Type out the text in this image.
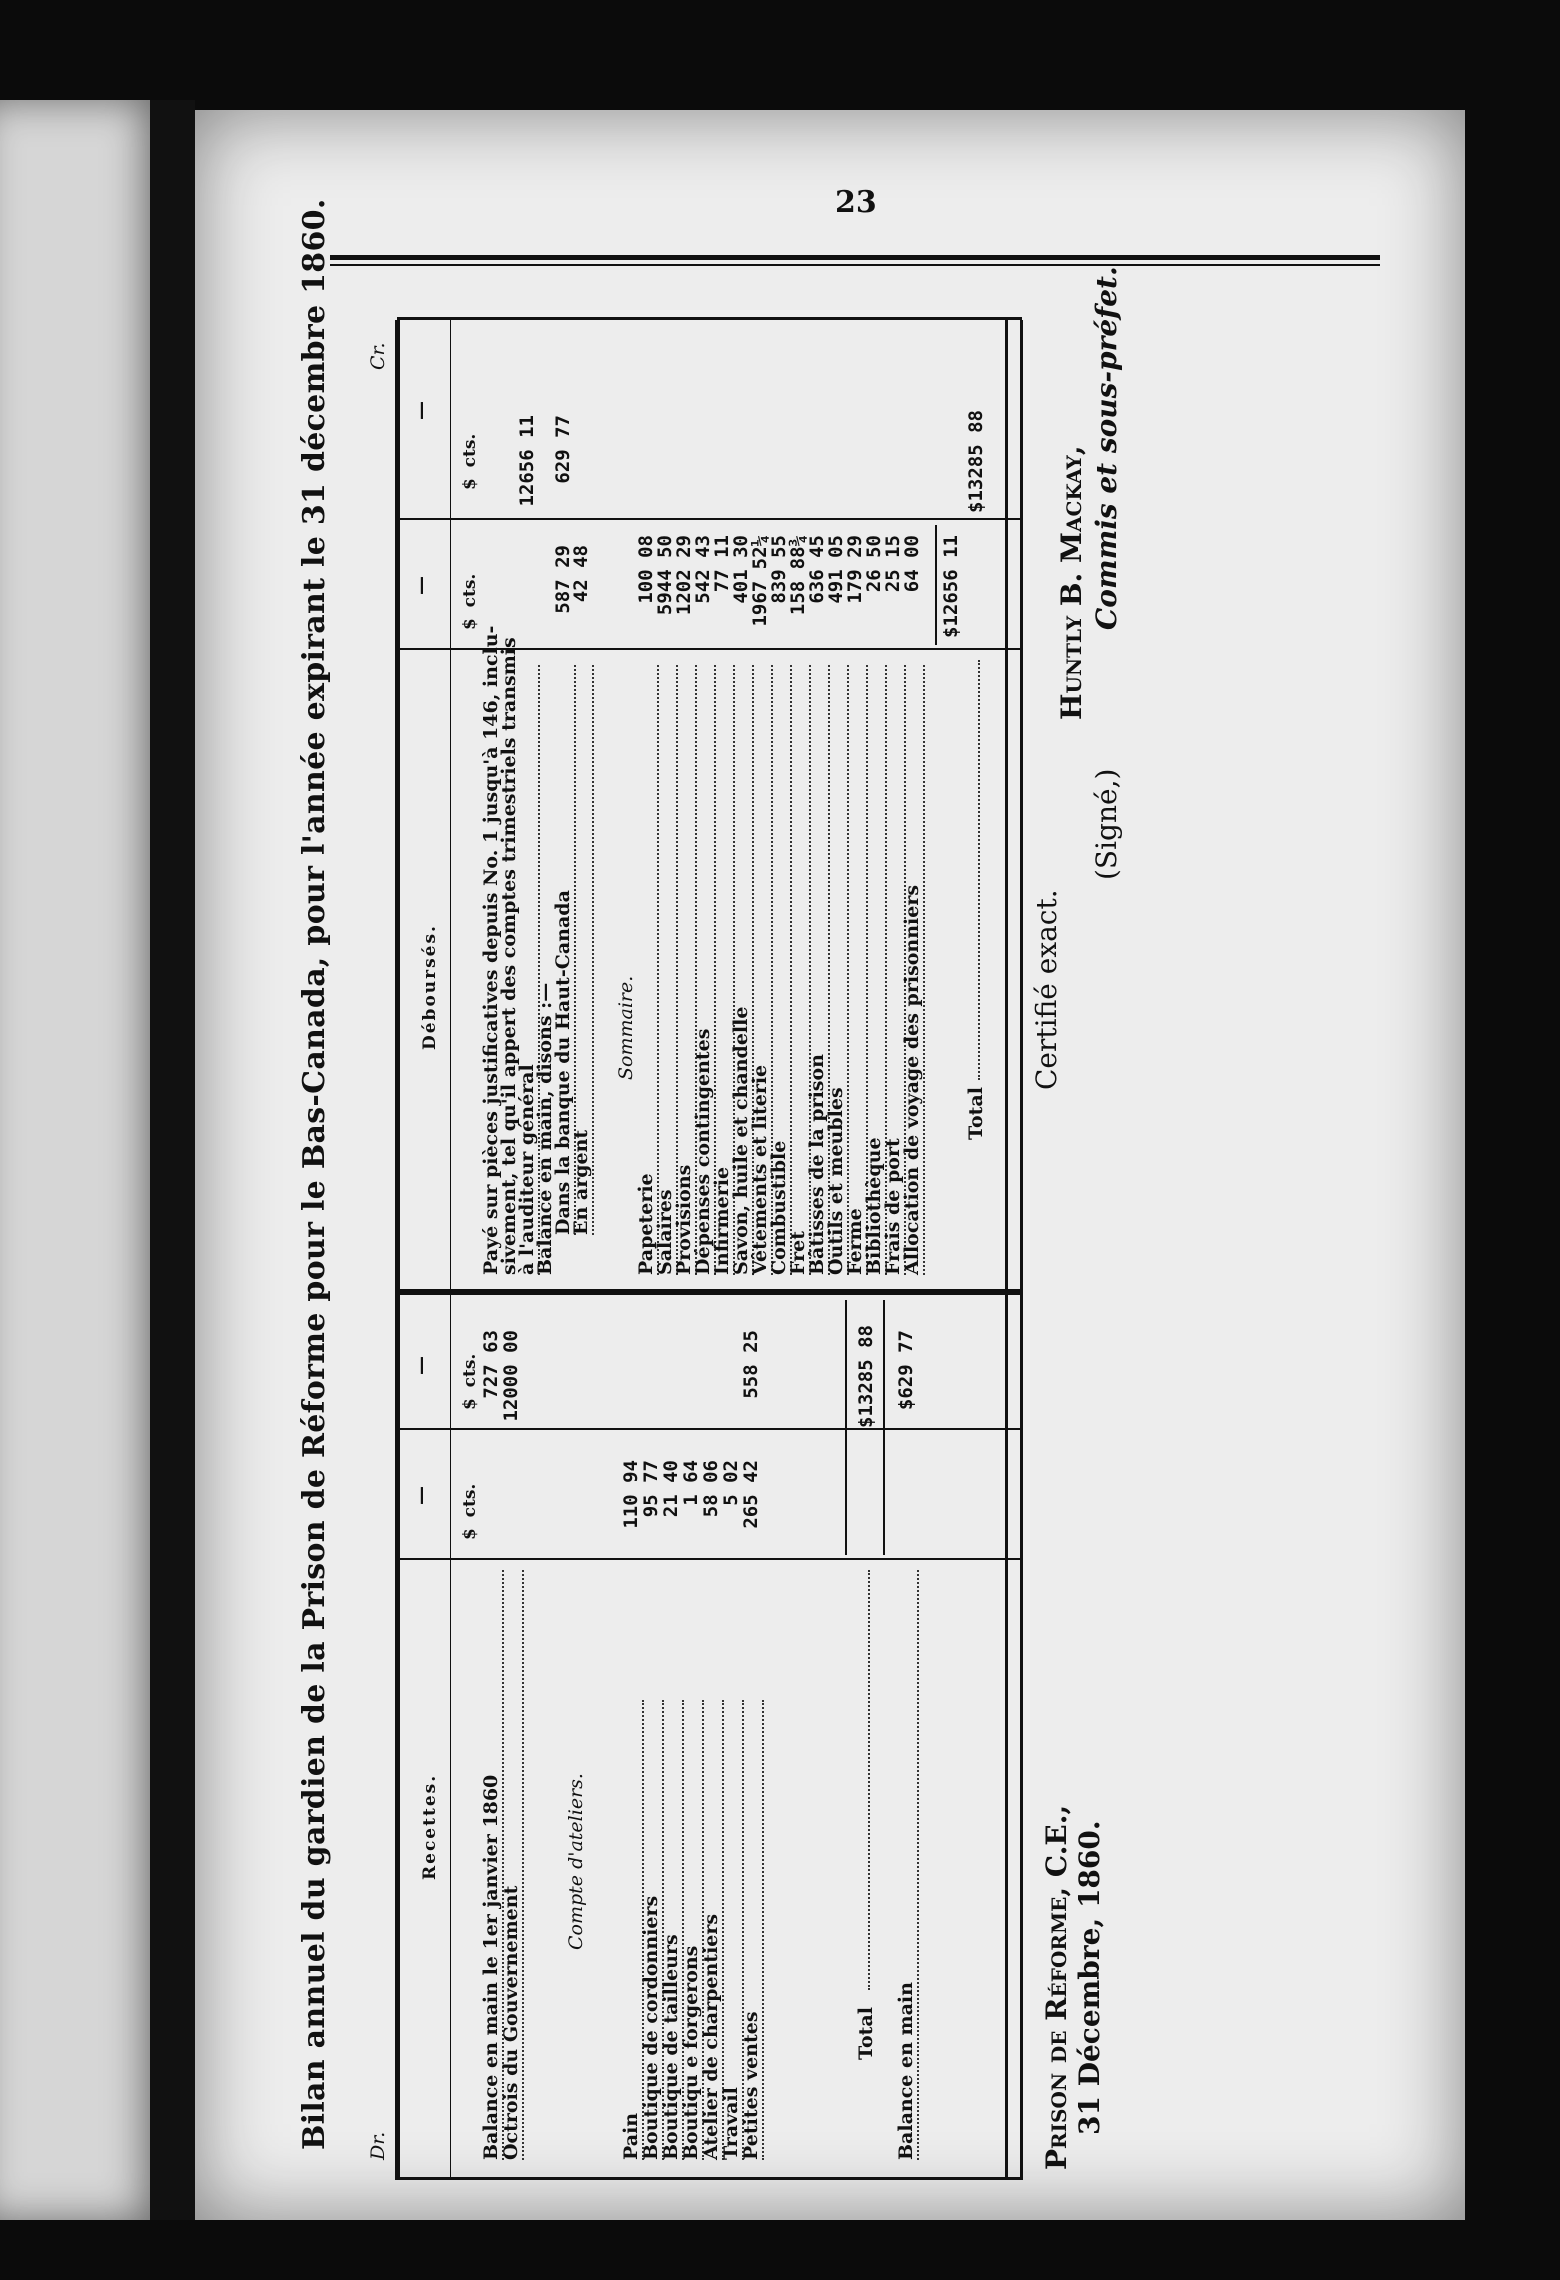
23
Bilan annuel du gardien de la Prison de Réforme pour le Bas-Canada, pour l'année expirant le 31 décembre 1860. Dr.
Cr.
Recettes.
Déboursés.
—
—
—
—
$  cts.
$  cts.
$  cts.
$  cts.
Balance en main le 1er janvier 1860
727 63
Octrois du Gouvernement
12000 00
Compte d'ateliers.
Pain
110 94
Boutique de cordonniers
95 77
Boutique de tailleurs
21 40
Boutiqu e forgerons
1 64
Atelier de charpentiers
58 06
Travail
5 02
Petites ventes
265 42
558 25
Total
$13285 88
Balance en main
$629 77
Payé sur pièces justificatives depuis No. 1 jusqu'à 146, inclu-
sivement, tel qu'il appert des comptes trimestriels transmis
à l'auditeur général
12656 11
Balance en main, disons :—
Dans la banque du Haut-Canada
587 29
En argent
42 48
629 77
Sommaire.
Papeterie
100 08
Salaires
5944 50
Provisions
1202 29
Dépenses contingentes
542 43
Infirmerie
77 11
Savon, huile et chandelle
401 30
Vêtements et literie
1967 52¼
Combustible
839 55
Fret
158 88¾
Bâtisses de la prison
636 45
Outils et meubles
491 05
Ferme
179 29
Bibliothèque
26 50
Frais de port
25 15
Allocation de voyage des prisonniers
64 00 $12656 11
Total
$13285 88
Prison de Réforme, C.E., 31 Décembre, 1860.
Certifié exact.
(Signé,)
Huntly B. Mackay, Commis et sous-préfet.
